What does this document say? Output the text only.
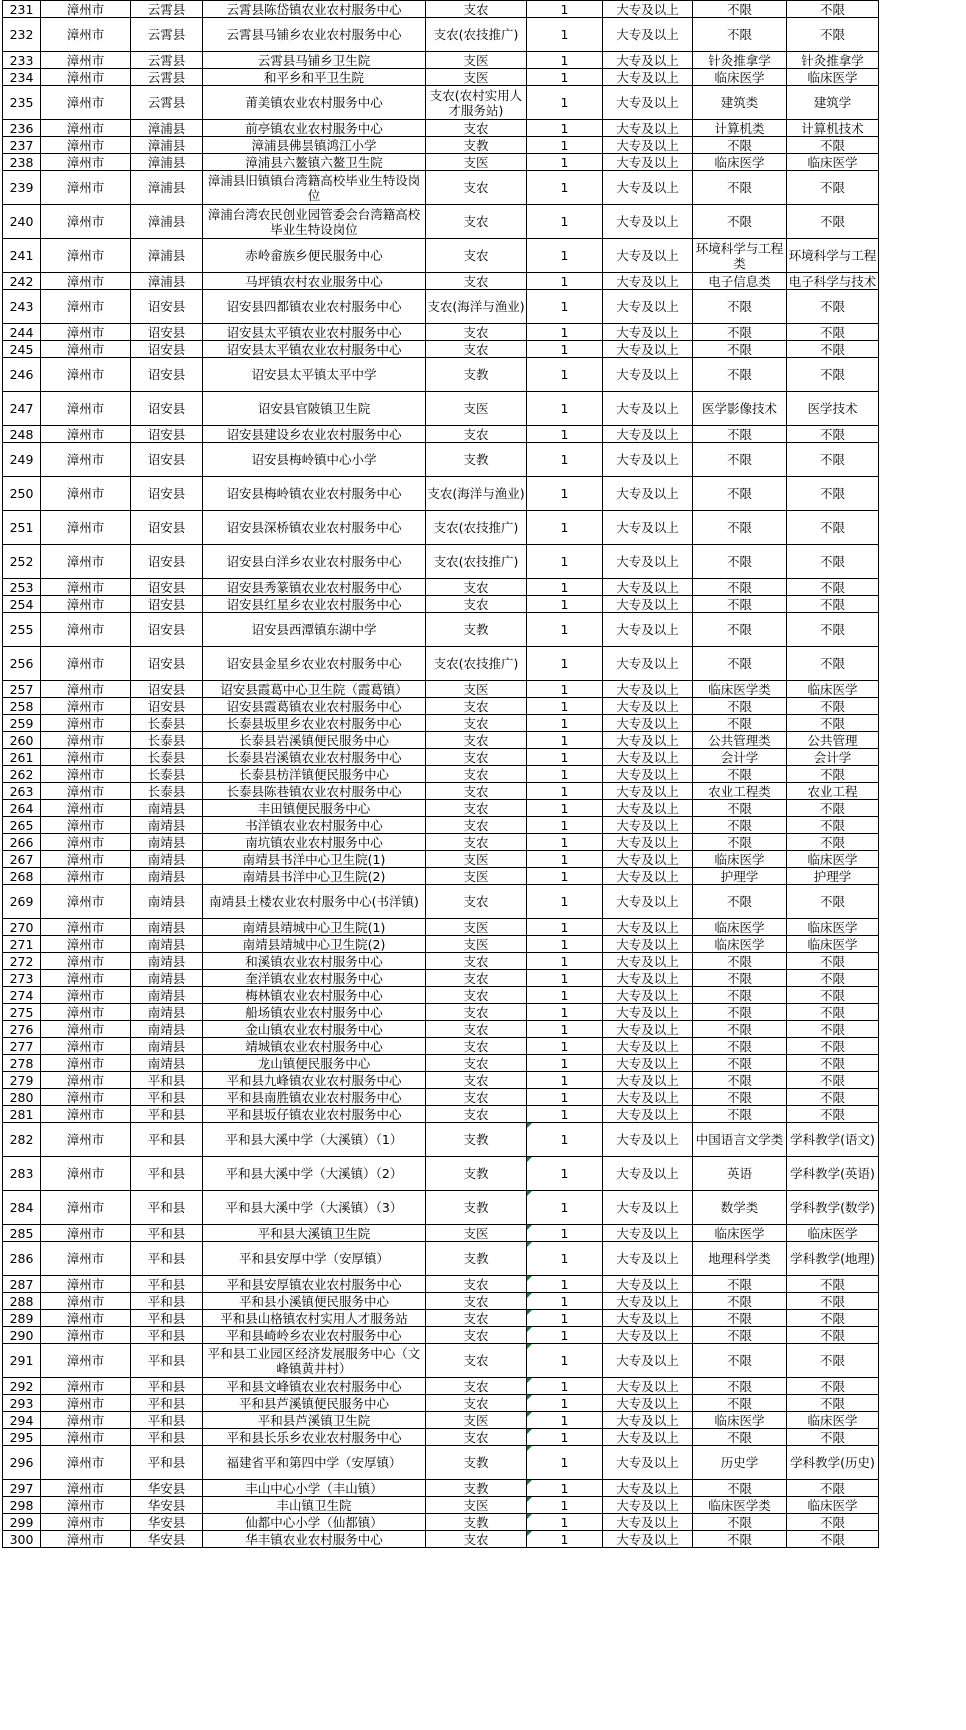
231	漳州市	云霄县	云霄县陈岱镇农业农村服务中心	支农	1	大专及以上	不限	不限
232	漳州市	云霄县	云霄县马铺乡农业农村服务中心	支农(农技推广)	1	大专及以上	不限	不限
233	漳州市	云霄县	云霄县马铺乡卫生院	支医	1	大专及以上	针灸推拿学	针灸推拿学
234	漳州市	云霄县	和平乡和平卫生院	支医	1	大专及以上	临床医学	临床医学
235	漳州市	云霄县	莆美镇农业农村服务中心	支农(农村实用人才服务站)	1	大专及以上	建筑类	建筑学
236	漳州市	漳浦县	前亭镇农业农村服务中心	支农	1	大专及以上	计算机类	计算机技术
237	漳州市	漳浦县	漳浦县佛昙镇鸿江小学	支教	1	大专及以上	不限	不限
238	漳州市	漳浦县	漳浦县六鳌镇六鳌卫生院	支医	1	大专及以上	临床医学	临床医学
239	漳州市	漳浦县	漳浦县旧镇镇台湾籍高校毕业生特设岗位	支农	1	大专及以上	不限	不限
240	漳州市	漳浦县	漳浦台湾农民创业园管委会台湾籍高校毕业生特设岗位	支农	1	大专及以上	不限	不限
241	漳州市	漳浦县	赤岭畲族乡便民服务中心	支农	1	大专及以上	环境科学与工程类	环境科学与工程
242	漳州市	漳浦县	马坪镇农村农业服务中心	支农	1	大专及以上	电子信息类	电子科学与技术
243	漳州市	诏安县	诏安县四都镇农业农村服务中心	支农(海洋与渔业)	1	大专及以上	不限	不限
244	漳州市	诏安县	诏安县太平镇农业农村服务中心	支农	1	大专及以上	不限	不限
245	漳州市	诏安县	诏安县太平镇农业农村服务中心	支农	1	大专及以上	不限	不限
246	漳州市	诏安县	诏安县太平镇太平中学	支教	1	大专及以上	不限	不限
247	漳州市	诏安县	诏安县官陂镇卫生院	支医	1	大专及以上	医学影像技术	医学技术
248	漳州市	诏安县	诏安县建设乡农业农村服务中心	支农	1	大专及以上	不限	不限
249	漳州市	诏安县	诏安县梅岭镇中心小学	支教	1	大专及以上	不限	不限
250	漳州市	诏安县	诏安县梅岭镇农业农村服务中心	支农(海洋与渔业)	1	大专及以上	不限	不限
251	漳州市	诏安县	诏安县深桥镇农业农村服务中心	支农(农技推广)	1	大专及以上	不限	不限
252	漳州市	诏安县	诏安县白洋乡农业农村服务中心	支农(农技推广)	1	大专及以上	不限	不限
253	漳州市	诏安县	诏安县秀篆镇农业农村服务中心	支农	1	大专及以上	不限	不限
254	漳州市	诏安县	诏安县红星乡农业农村服务中心	支农	1	大专及以上	不限	不限
255	漳州市	诏安县	诏安县西潭镇东湖中学	支教	1	大专及以上	不限	不限
256	漳州市	诏安县	诏安县金星乡农业农村服务中心	支农(农技推广)	1	大专及以上	不限	不限
257	漳州市	诏安县	诏安县霞葛中心卫生院（霞葛镇）	支医	1	大专及以上	临床医学类	临床医学
258	漳州市	诏安县	诏安县霞葛镇农业农村服务中心	支农	1	大专及以上	不限	不限
259	漳州市	长泰县	长泰县坂里乡农业农村服务中心	支农	1	大专及以上	不限	不限
260	漳州市	长泰县	长泰县岩溪镇便民服务中心	支农	1	大专及以上	公共管理类	公共管理
261	漳州市	长泰县	长泰县岩溪镇农业农村服务中心	支农	1	大专及以上	会计学	会计学
262	漳州市	长泰县	长泰县枋洋镇便民服务中心	支农	1	大专及以上	不限	不限
263	漳州市	长泰县	长泰县陈巷镇农业农村服务中心	支农	1	大专及以上	农业工程类	农业工程
264	漳州市	南靖县	丰田镇便民服务中心	支农	1	大专及以上	不限	不限
265	漳州市	南靖县	书洋镇农业农村服务中心	支农	1	大专及以上	不限	不限
266	漳州市	南靖县	南坑镇农业农村服务中心	支农	1	大专及以上	不限	不限
267	漳州市	南靖县	南靖县书洋中心卫生院(1)	支医	1	大专及以上	临床医学	临床医学
268	漳州市	南靖县	南靖县书洋中心卫生院(2)	支医	1	大专及以上	护理学	护理学
269	漳州市	南靖县	南靖县土楼农业农村服务中心(书洋镇)	支农	1	大专及以上	不限	不限
270	漳州市	南靖县	南靖县靖城中心卫生院(1)	支医	1	大专及以上	临床医学	临床医学
271	漳州市	南靖县	南靖县靖城中心卫生院(2)	支医	1	大专及以上	临床医学	临床医学
272	漳州市	南靖县	和溪镇农业农村服务中心	支农	1	大专及以上	不限	不限
273	漳州市	南靖县	奎洋镇农业农村服务中心	支农	1	大专及以上	不限	不限
274	漳州市	南靖县	梅林镇农业农村服务中心	支农	1	大专及以上	不限	不限
275	漳州市	南靖县	船场镇农业农村服务中心	支农	1	大专及以上	不限	不限
276	漳州市	南靖县	金山镇农业农村服务中心	支农	1	大专及以上	不限	不限
277	漳州市	南靖县	靖城镇农业农村服务中心	支农	1	大专及以上	不限	不限
278	漳州市	南靖县	龙山镇便民服务中心	支农	1	大专及以上	不限	不限
279	漳州市	平和县	平和县九峰镇农业农村服务中心	支农	1	大专及以上	不限	不限
280	漳州市	平和县	平和县南胜镇农业农村服务中心	支农	1	大专及以上	不限	不限
281	漳州市	平和县	平和县坂仔镇农业农村服务中心	支农	1	大专及以上	不限	不限
282	漳州市	平和县	平和县大溪中学（大溪镇）（1）	支教	1	大专及以上	中国语言文学类	学科教学(语文)
283	漳州市	平和县	平和县大溪中学（大溪镇）（2）	支教	1	大专及以上	英语	学科教学(英语)
284	漳州市	平和县	平和县大溪中学（大溪镇）（3）	支教	1	大专及以上	数学类	学科教学(数学)
285	漳州市	平和县	平和县大溪镇卫生院	支医	1	大专及以上	临床医学	临床医学
286	漳州市	平和县	平和县安厚中学（安厚镇）	支教	1	大专及以上	地理科学类	学科教学(地理)
287	漳州市	平和县	平和县安厚镇农业农村服务中心	支农	1	大专及以上	不限	不限
288	漳州市	平和县	平和县小溪镇便民服务中心	支农	1	大专及以上	不限	不限
289	漳州市	平和县	平和县山格镇农村实用人才服务站	支农	1	大专及以上	不限	不限
290	漳州市	平和县	平和县崎岭乡农业农村服务中心	支农	1	大专及以上	不限	不限
291	漳州市	平和县	平和县工业园区经济发展服务中心（文峰镇黄井村）	支农	1	大专及以上	不限	不限
292	漳州市	平和县	平和县文峰镇农业农村服务中心	支农	1	大专及以上	不限	不限
293	漳州市	平和县	平和县芦溪镇便民服务中心	支农	1	大专及以上	不限	不限
294	漳州市	平和县	平和县芦溪镇卫生院	支医	1	大专及以上	临床医学	临床医学
295	漳州市	平和县	平和县长乐乡农业农村服务中心	支农	1	大专及以上	不限	不限
296	漳州市	平和县	福建省平和第四中学（安厚镇）	支教	1	大专及以上	历史学	学科教学(历史)
297	漳州市	华安县	丰山中心小学（丰山镇）	支教	1	大专及以上	不限	不限
298	漳州市	华安县	丰山镇卫生院	支医	1	大专及以上	临床医学类	临床医学
299	漳州市	华安县	仙都中心小学（仙都镇）	支教	1	大专及以上	不限	不限
300	漳州市	华安县	华丰镇农业农村服务中心	支农	1	大专及以上	不限	不限
